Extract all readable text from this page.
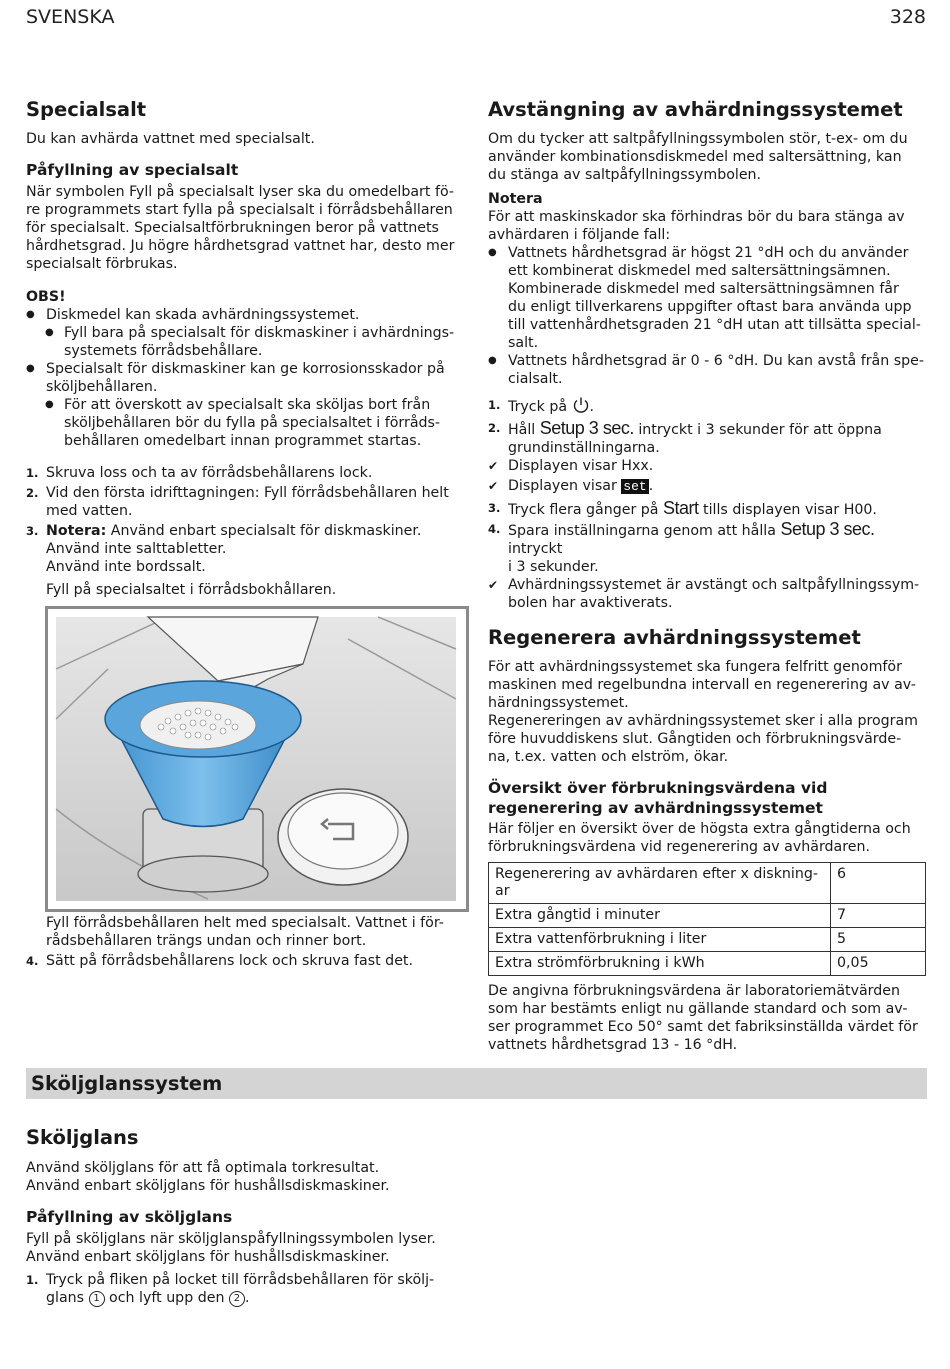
SVENSKA	328
Specialsalt

Du kan avhärda vattnet med specialsalt.

Påfyllning av specialsalt

När symbolen Fyll på specialsalt lyser ska du omedelbart fö-
re programmets start fylla på specialsalt i förrådsbehållaren
för specialsalt. Specialsaltförbrukningen beror på vattnets
hårdhetsgrad. Ju högre hårdhetsgrad vattnet har, desto mer
specialsalt förbrukas.

OBS!

● Diskmedel kan skada avhärdningssystemet.
● Fyll bara på specialsalt för diskmaskiner i avhärdnings-
systemets förrådsbehållare.
● Specialsalt för diskmaskiner kan ge korrosionsskador på
sköljbehållaren.
● För att överskott av specialsalt ska sköljas bort från
sköljbehållaren bör du fylla på specialsaltet i förråds-
behållaren omedelbart innan programmet startas.
1. Skruva loss och ta av förrådsbehållarens lock.
2. Vid den första idrifttagningen: Fyll förrådsbehållaren helt
med vatten.
3. Notera: Använd enbart specialsalt för diskmaskiner.
Använd inte salttabletter.
Använd inte bordssalt.

Fyll på specialsaltet i förrådsbokhållaren.

Fyll förrådsbehållaren helt med specialsalt. Vattnet i för-
rådsbehållaren trängs undan och rinner bort.

4. Sätt på förrådsbehållarens lock och skruva fast det.
Avstängning av avhärdningssystemet

Om du tycker att saltpåfyllningssymbolen stör, t-ex- om du
använder kombinationsdiskmedel med saltersättning, kan
du stänga av saltpåfyllningssymbolen.

Notera

För att maskinskador ska förhindras bör du bara stänga av
avhärdaren i följande fall:

● Vattnets hårdhetsgrad är högst 21 °dH och du använder
ett kombinerat diskmedel med saltersättningsämnen.
Kombinerade diskmedel med saltersättningsämnen får
du enligt tillverkarens uppgifter oftast bara använda upp
till vattenhårdhetsgraden 21 °dH utan att tillsätta special-
salt.
● Vattnets hårdhetsgrad är 0 - 6 °dH. Du kan avstå från spe-
cialsalt.
1. Tryck på .
2. Håll Setup 3 sec. intryckt i 3 sekunder för att öppna
grundinställningarna.
✔ Displayen visar Hxx.
✔ Displayen visar set .
3. Tryck flera gånger på Start tills displayen visar H00.
4. Spara inställningarna genom att hålla Setup 3 sec. intryckt
i 3 sekunder.
✔ Avhärdningssystemet är avstängt och saltpåfyllningssym-
bolen har avaktiverats.
Regenerera avhärdningssystemet

För att avhärdningssystemet ska fungera felfritt genomför
maskinen med regelbundna intervall en regenerering av av-
härdningssystemet.
Regenereringen av avhärdningssystemet sker i alla program
före huvuddiskens slut. Gångtiden och förbrukningsvärde-
na, t.ex. vatten och elström, ökar.

Översikt över förbrukningsvärdena vid
regenerering av avhärdningssystemet

Här följer en översikt över de högsta extra gångtiderna och
förbrukningsvärdena vid regenerering av avhärdaren.

Regenerering av avhärdaren efter x diskning-
ar	6
Extra gångtid i minuter	7
Extra vattenförbrukning i liter	5
Extra strömförbrukning i kWh	0,05

De angivna förbrukningsvärdena är laboratoriemätvärden
som har bestämts enligt nu gällande standard och som av-
ser programmet Eco 50° samt det fabriksinställda värdet för
vattnets hårdhetsgrad 13 - 16 °dH.

Sköljglanssystem
Sköljglans

Använd sköljglans för att få optimala torkresultat.
Använd enbart sköljglans för hushållsdiskmaskiner.

Påfyllning av sköljglans

Fyll på sköljglans när sköljglanspåfyllningssymbolen lyser.
Använd enbart sköljglans för hushållsdiskmaskiner.

1. Tryck på fliken på locket till förrådsbehållaren för skölj-
glans 1 och lyft upp den 2 .
